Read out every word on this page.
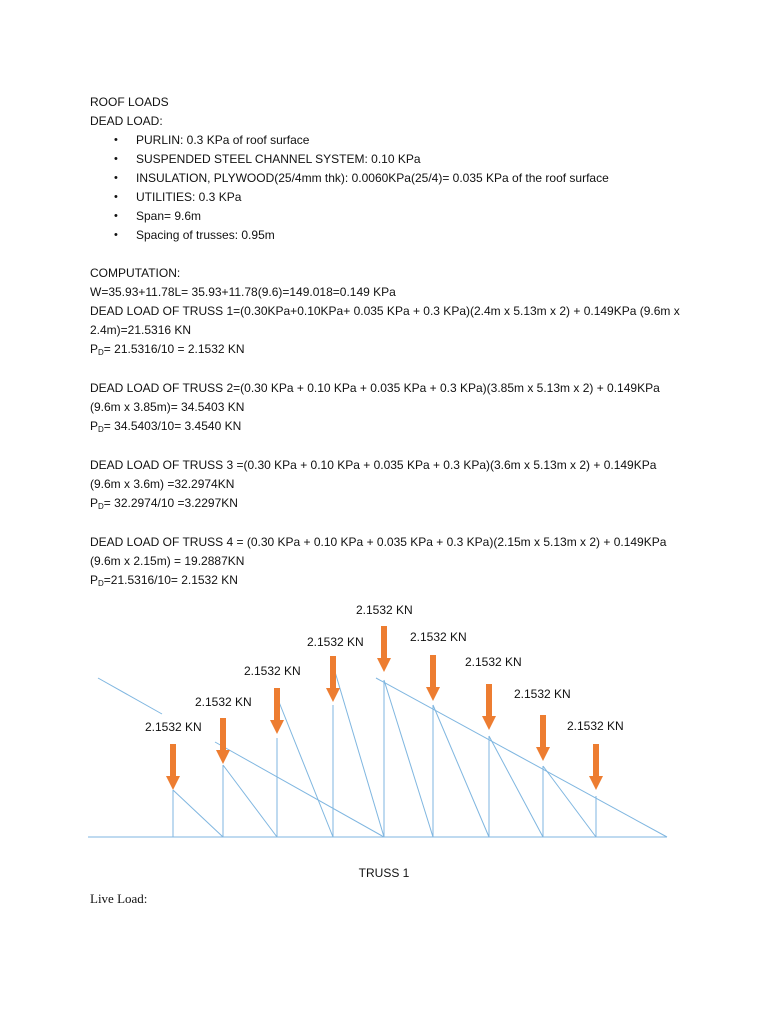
ROOF LOADS
DEAD LOAD:
• PURLIN: 0.3 KPa of roof surface
• SUSPENDED STEEL CHANNEL SYSTEM: 0.10 KPa
• INSULATION, PLYWOOD(25/4mm thk): 0.0060KPa(25/4)= 0.035 KPa of the roof surface
• UTILITIES: 0.3 KPa
• Span= 9.6m
• Spacing of trusses: 0.95m
COMPUTATION:
W=35.93+11.78L= 35.93+11.78(9.6)=149.018=0.149 KPa
DEAD LOAD OF TRUSS 1=(0.30KPa+0.10KPa+ 0.035 KPa + 0.3 KPa)(2.4m x 5.13m x 2) + 0.149KPa (9.6m x
2.4m)=21.5316 KN
PD= 21.5316/10 = 2.1532 KN
DEAD LOAD OF TRUSS 2=(0.30 KPa + 0.10 KPa + 0.035 KPa + 0.3 KPa)(3.85m x 5.13m x 2) + 0.149KPa
(9.6m x 3.85m)= 34.5403 KN
PD= 34.5403/10= 3.4540 KN
DEAD LOAD OF TRUSS 3 =(0.30 KPa + 0.10 KPa + 0.035 KPa + 0.3 KPa)(3.6m x 5.13m x 2) + 0.149KPa
(9.6m x 3.6m) =32.2974KN
PD= 32.2974/10 =3.2297KN
DEAD LOAD OF TRUSS 4 = (0.30 KPa + 0.10 KPa + 0.035 KPa + 0.3 KPa)(2.15m x 5.13m x 2) + 0.149KPa
(9.6m x 2.15m) = 19.2887KN
PD=21.5316/10= 2.1532 KN
2.1532 KN
2.1532 KN
2.1532 KN
2.1532 KN
2.1532 KN
2.1532 KN
2.1532 KN
2.1532 KN
2.1532 KN
TRUSS 1
Live Load:
